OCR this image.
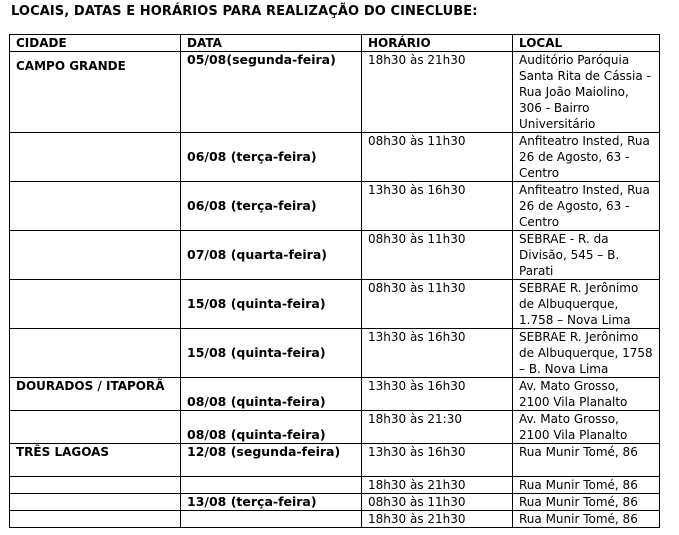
LOCAIS, DATAS E HORÁRIOS PARA REALIZAÇÃO DO CINECLUBE:
CIDADE	DATA	HORÁRIO	LOCAL
CAMPO GRANDE	05/08(segunda-feira)	18h30 às 21h30	Auditório Paróquia Santa Rita de Cássia - Rua João Maiolino, 306 - Bairro Universitário
	06/08 (terça-feira)	08h30 às 11h30	Anfiteatro Insted, Rua 26 de Agosto, 63 - Centro
	06/08 (terça-feira)	13h30 às 16h30	Anfiteatro Insted, Rua 26 de Agosto, 63 - Centro
	07/08 (quarta-feira)	08h30 às 11h30	SEBRAE - R. da Divisão, 545 – B. Parati
	15/08 (quinta-feira)	08h30 às 11h30	SEBRAE R. Jerônimo de Albuquerque, 1.758 – Nova Lima
	15/08 (quinta-feira)	13h30 às 16h30	SEBRAE R. Jerônimo de Albuquerque, 1758 – B. Nova Lima
DOURADOS / ITAPORÃ	08/08 (quinta-feira)	13h30 às 16h30	Av. Mato Grosso, 2100 Vila Planalto
	08/08 (quinta-feira)	18h30 às 21:30	Av. Mato Grosso, 2100 Vila Planalto
TRÊS LAGOAS	12/08 (segunda-feira)	13h30 às 16h30	Rua Munir Tomé, 86
		18h30 às 21h30	Rua Munir Tomé, 86
	13/08 (terça-feira)	08h30 às 11h30	Rua Munir Tomé, 86
		18h30 às 21h30	Rua Munir Tomé, 86
